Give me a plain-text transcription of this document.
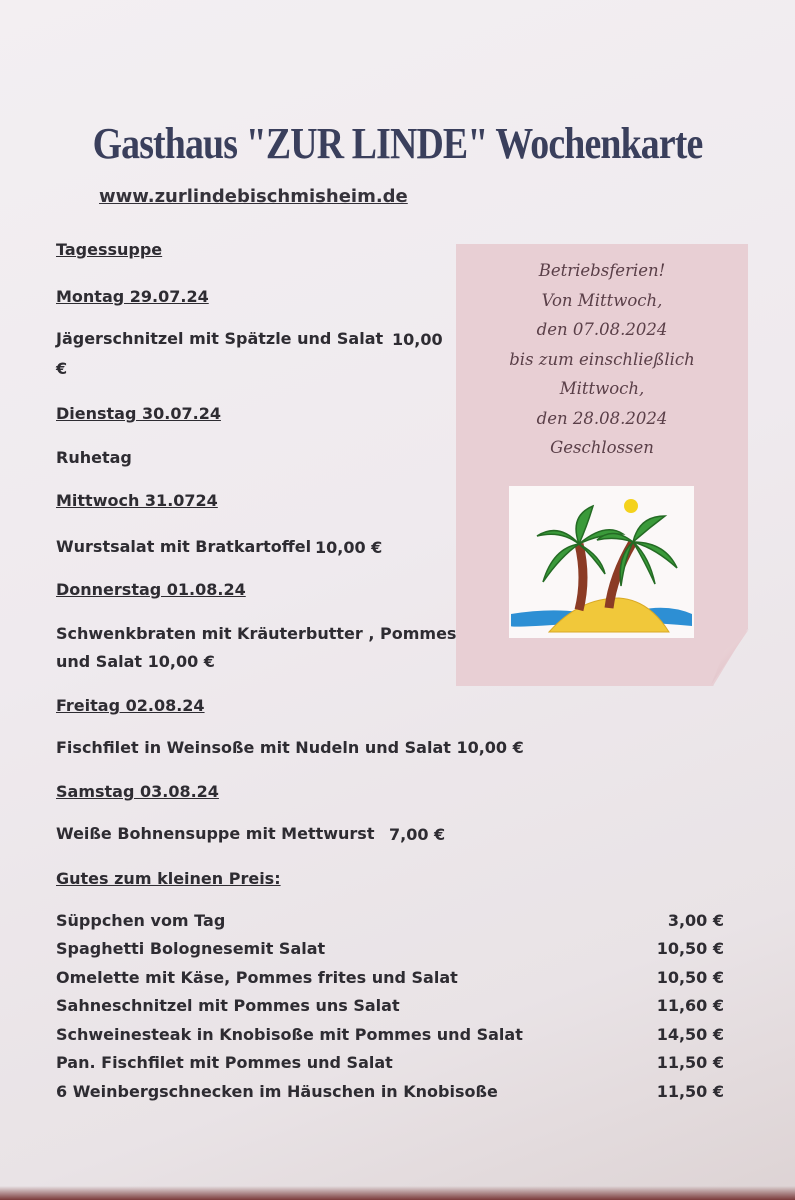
Gasthaus "ZUR LINDE" Wochenkarte
www.zurlindebischmisheim.de
Tagessuppe
Montag 29.07.24
Jägerschnitzel mit Spätzle und Salat 10,00
€
Dienstag 30.07.24
Ruhetag
Mittwoch 31.0724
Wurstsalat mit Bratkartoffel 10,00 €
Donnerstag 01.08.24
Schwenkbraten mit Kräuterbutter , Pommes
und Salat 10,00 €
Freitag 02.08.24
Fischfilet in Weinsoße mit Nudeln und Salat 10,00 €
Samstag 03.08.24
Weiße Bohnensuppe mit Mettwurst 7,00 €
Betriebsferien!
Von Mittwoch,
den 07.08.2024
bis zum einschließlich
Mittwoch,
den 28.08.2024
Geschlossen
Gutes zum kleinen Preis:
Süppchen vom Tag	3,00 €
Spaghetti Bolognesemit Salat	10,50 €
Omelette mit Käse, Pommes frites und Salat	10,50 €
Sahneschnitzel mit Pommes uns Salat	11,60 €
Schweinesteak in Knobisoße mit Pommes und Salat	14,50 €
Pan. Fischfilet mit Pommes und Salat	11,50 €
6 Weinbergschnecken im Häuschen in Knobisoße	11,50 €
